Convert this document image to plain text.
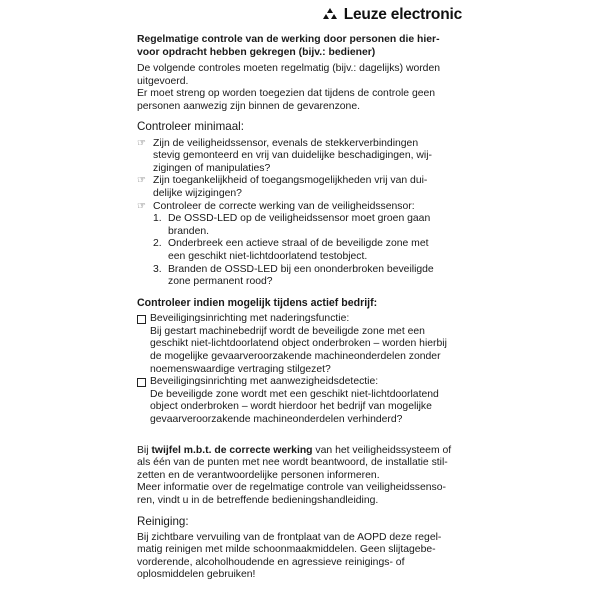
Leuze electronic
Regelmatige controle van de werking door personen die hier-
voor opdracht hebben gekregen (bijv.: bediener)

De volgende controles moeten regelmatig (bijv.: dagelijks) worden
uitgevoerd.
Er moet streng op worden toegezien dat tijdens de controle geen
personen aanwezig zijn binnen de gevarenzone.

Controleer minimaal:
☞ Zijn de veiligheidssensor, evenals de stekkerverbindingen
stevig gemonteerd en vrij van duidelijke beschadigingen, wij-
zigingen of manipulaties?
☞ Zijn toegankelijkheid of toegangsmogelijkheden vrij van dui-
delijke wijzigingen?
☞ Controleer de correcte werking van de veiligheidssensor:
1. De OSSD-LED op de veiligheidssensor moet groen gaan
branden.
2. Onderbreek een actieve straal of de beveiligde zone met
een geschikt niet-lichtdoorlatend testobject.
3. Branden de OSSD-LED bij een ononderbroken beveiligde
zone permanent rood?
Controleer indien mogelijk tijdens actief bedrijf:
Beveiligingsinrichting met naderingsfunctie:
Bij gestart machinebedrijf wordt de beveiligde zone met een
geschikt niet-lichtdoorlatend object onderbroken – worden hierbij
de mogelijke gevaarveroorzakende machineonderdelen zonder
noemenswaardige vertraging stilgezet?
Beveiligingsinrichting met aanwezigheidsdetectie:
De beveiligde zone wordt met een geschikt niet-lichtdoorlatend
object onderbroken – wordt hierdoor het bedrijf van mogelijke
gevaarveroorzakende machineonderdelen verhinderd?

Bij twijfel m.b.t. de correcte werking van het veiligheidssysteem of
als één van de punten met nee wordt beantwoord, de installatie stil-
zetten en de verantwoordelijke personen informeren.
Meer informatie over de regelmatige controle van veiligheidssenso-
ren, vindt u in de betreffende bedieningshandleiding.

Reiniging:

Bij zichtbare vervuiling van de frontplaat van de AOPD deze regel-
matig reinigen met milde schoonmaakmiddelen. Geen slijtagebe-
vorderende, alcoholhoudende en agressieve reinigings- of
oplosmiddelen gebruiken!
